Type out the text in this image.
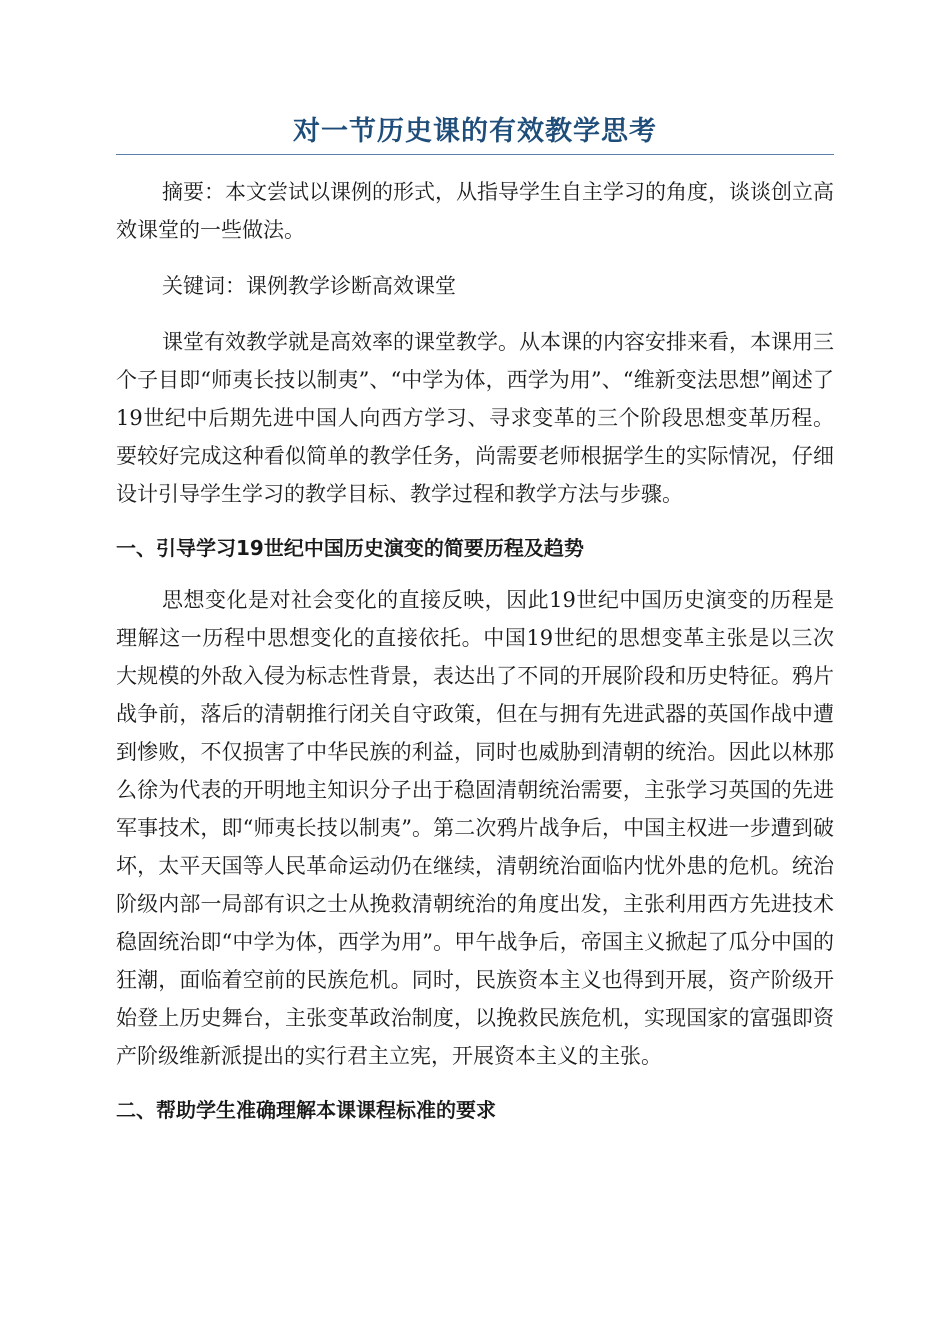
对一节历史课的有效教学思考

摘要：本文尝试以课例的形式，从指导学生自主学习的角度，谈谈创立高效课堂的一些做法。

关键词：课例教学诊断高效课堂

课堂有效教学就是高效率的课堂教学。从本课的内容安排来看，本课用三个子目即“师夷长技以制夷”、“中学为体，西学为用”、“维新变法思想”阐述了19世纪中后期先进中国人向西方学习、寻求变革的三个阶段思想变革历程。要较好完成这种看似简单的教学任务，尚需要老师根据学生的实际情况，仔细设计引导学生学习的教学目标、教学过程和教学方法与步骤。

一、引导学习19世纪中国历史演变的简要历程及趋势

思想变化是对社会变化的直接反映，因此19世纪中国历史演变的历程是理解这一历程中思想变化的直接依托。中国19世纪的思想变革主张是以三次大规模的外敌入侵为标志性背景，表达出了不同的开展阶段和历史特征。鸦片战争前，落后的清朝推行闭关自守政策，但在与拥有先进武器的英国作战中遭到惨败，不仅损害了中华民族的利益，同时也威胁到清朝的统治。因此以林那么徐为代表的开明地主知识分子出于稳固清朝统治需要，主张学习英国的先进军事技术，即“师夷长技以制夷”。第二次鸦片战争后，中国主权进一步遭到破坏，太平天国等人民革命运动仍在继续，清朝统治面临内忧外患的危机。统治阶级内部一局部有识之士从挽救清朝统治的角度出发，主张利用西方先进技术稳固统治即“中学为体，西学为用”。甲午战争后，帝国主义掀起了瓜分中国的狂潮，面临着空前的民族危机。同时，民族资本主义也得到开展，资产阶级开始登上历史舞台，主张变革政治制度，以挽救民族危机，实现国家的富强即资产阶级维新派提出的实行君主立宪，开展资本主义的主张。

二、帮助学生准确理解本课课程标准的要求
